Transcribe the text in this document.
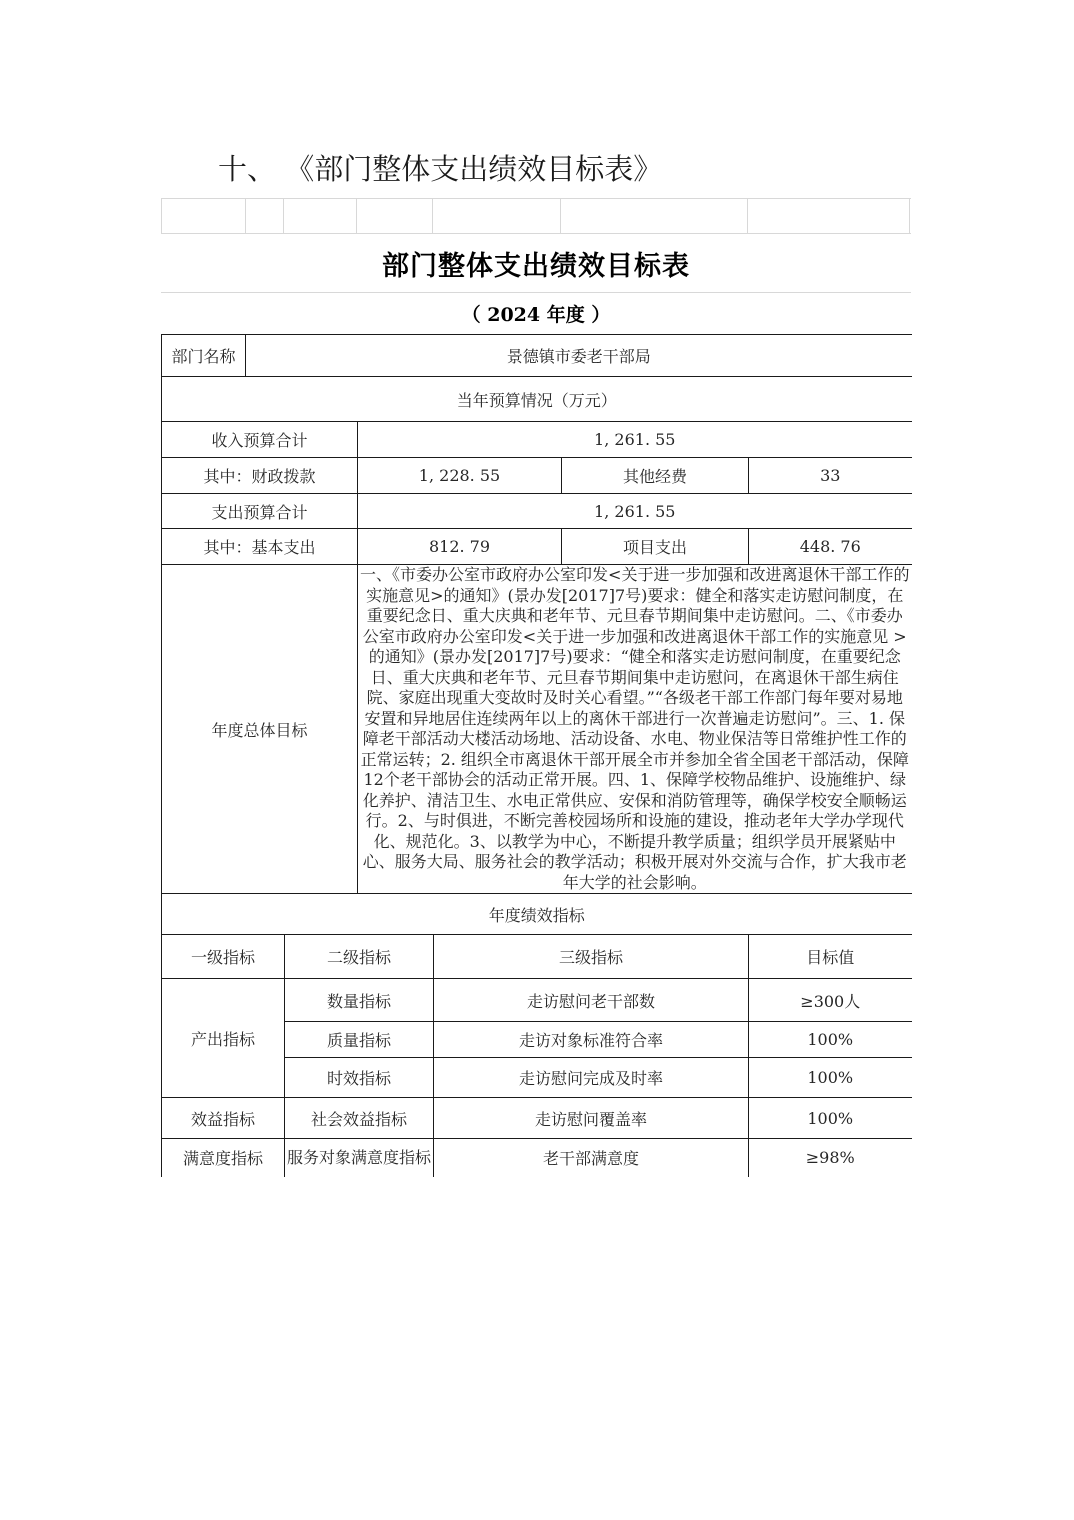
十、 《部门整体支出绩效目标表》
部门整体支出绩效目标表
（ 2024 年度 ）
部门名称	景德镇市委老干部局					
当年预算情况（万元）						
收入预算合计			1, 261. 55			
其中：财政拨款			1, 228. 55		其他经费	33
支出预算合计			1, 261. 55			
其中：基本支出			812. 79		项目支出	448. 76
年度总体目标			一、《市委办公室市政府办公室印发<关于进一步加强和改进离退休干部工作的实施意见>的通知》(景办发[2017]7号)要求：健全和落实走访慰问制度，在重要纪念日、重大庆典和老年节、元旦春节期间集中走访慰问。二、《市委办公室市政府办公室印发<关于进一步加强和改进离退休干部工作的实施意见 >的通知》(景办发[2017]7号)要求：“健全和落实走访慰问制度，在重要纪念日、重大庆典和老年节、元旦春节期间集中走访慰问，在离退休干部生病住院、家庭出现重大变故时及时关心看望。”“各级老干部工作部门每年要对易地安置和异地居住连续两年以上的离休干部进行一次普遍走访慰问”。三、1. 保障老干部活动大楼活动场地、活动设备、水电、物业保洁等日常维护性工作的正常运转；2. 组织全市离退休干部开展全市并参加全省全国老干部活动，保障12个老干部协会的活动正常开展。四、1、保障学校物品维护、设施维护、绿化养护、清洁卫生、水电正常供应、安保和消防管理等，确保学校安全顺畅运行。2、与时俱进，不断完善校园场所和设施的建设，推动老年大学办学现代化、规范化。3、以教学为中心，不断提升教学质量；组织学员开展紧贴中心、服务大局、服务社会的教学活动；积极开展对外交流与合作，扩大我市老年大学的社会影响。			
年度绩效指标						
一级指标		二级指标		三级指标		目标值
产出指标		数量指标		走访慰问老干部数		≥300人
		质量指标		走访对象标准符合率		100%
		时效指标		走访慰问完成及时率		100%
效益指标		社会效益指标		走访慰问覆盖率		100%
满意度指标		服务对象满意度指标		老干部满意度		≥98%
